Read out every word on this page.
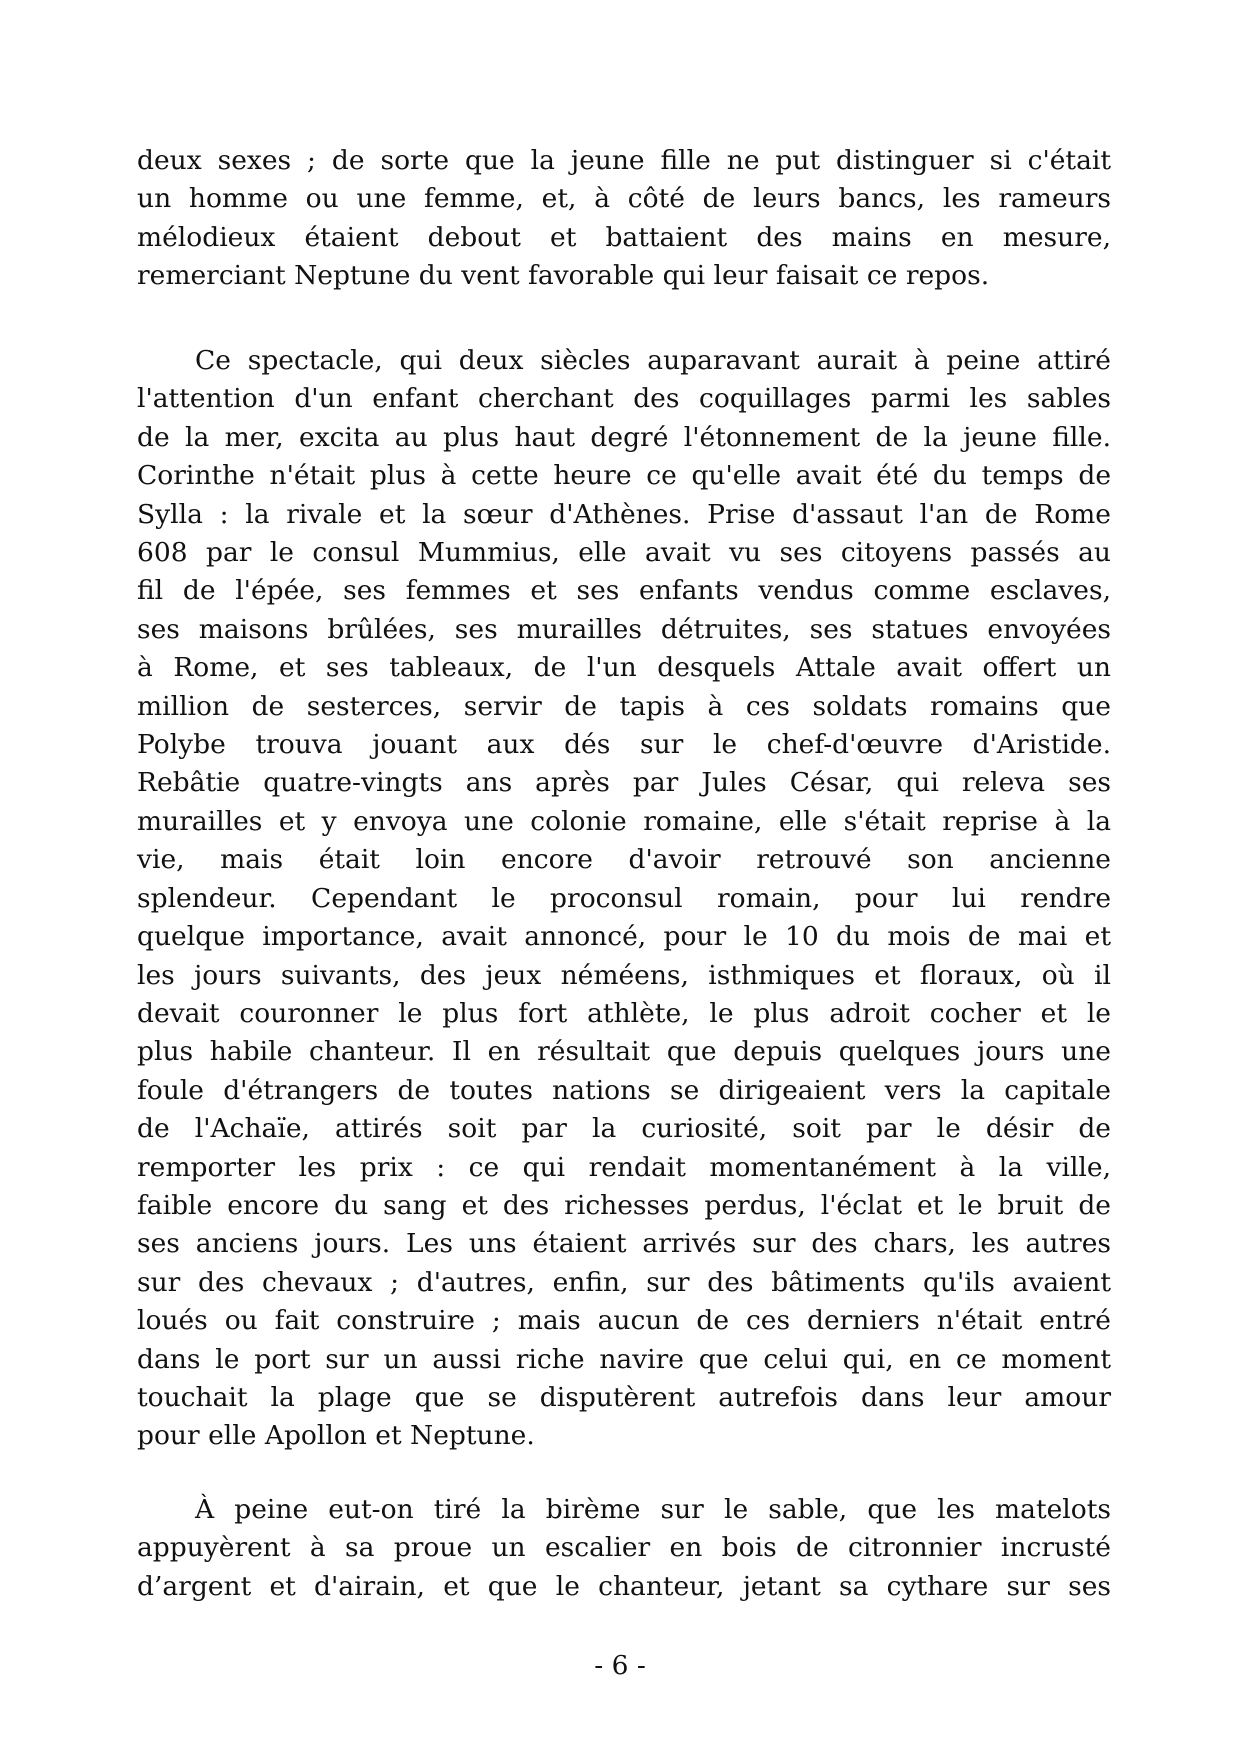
deux sexes ; de sorte que la jeune fille ne put distinguer si c'était
un homme ou une femme, et, à côté de leurs bancs, les rameurs
mélodieux étaient debout et battaient des mains en mesure,
remerciant Neptune du vent favorable qui leur faisait ce repos.
Ce spectacle, qui deux siècles auparavant aurait à peine attiré
l'attention d'un enfant cherchant des coquillages parmi les sables
de la mer, excita au plus haut degré l'étonnement de la jeune fille.
Corinthe n'était plus à cette heure ce qu'elle avait été du temps de
Sylla : la rivale et la sœur d'Athènes. Prise d'assaut l'an de Rome
608 par le consul Mummius, elle avait vu ses citoyens passés au
fil de l'épée, ses femmes et ses enfants vendus comme esclaves,
ses maisons brûlées, ses murailles détruites, ses statues envoyées
à Rome, et ses tableaux, de l'un desquels Attale avait offert un
million de sesterces, servir de tapis à ces soldats romains que
Polybe trouva jouant aux dés sur le chef-d'œuvre d'Aristide.
Rebâtie quatre-vingts ans après par Jules César, qui releva ses
murailles et y envoya une colonie romaine, elle s'était reprise à la
vie, mais était loin encore d'avoir retrouvé son ancienne
splendeur. Cependant le proconsul romain, pour lui rendre
quelque importance, avait annoncé, pour le 10 du mois de mai et
les jours suivants, des jeux néméens, isthmiques et floraux, où il
devait couronner le plus fort athlète, le plus adroit cocher et le
plus habile chanteur. Il en résultait que depuis quelques jours une
foule d'étrangers de toutes nations se dirigeaient vers la capitale
de l'Achaïe, attirés soit par la curiosité, soit par le désir de
remporter les prix : ce qui rendait momentanément à la ville,
faible encore du sang et des richesses perdus, l'éclat et le bruit de
ses anciens jours. Les uns étaient arrivés sur des chars, les autres
sur des chevaux ; d'autres, enfin, sur des bâtiments qu'ils avaient
loués ou fait construire ; mais aucun de ces derniers n'était entré
dans le port sur un aussi riche navire que celui qui, en ce moment
touchait la plage que se disputèrent autrefois dans leur amour
pour elle Apollon et Neptune.
À peine eut-on tiré la birème sur le sable, que les matelots
appuyèrent à sa proue un escalier en bois de citronnier incrusté
d’argent et d'airain, et que le chanteur, jetant sa cythare sur ses
- 6 -
